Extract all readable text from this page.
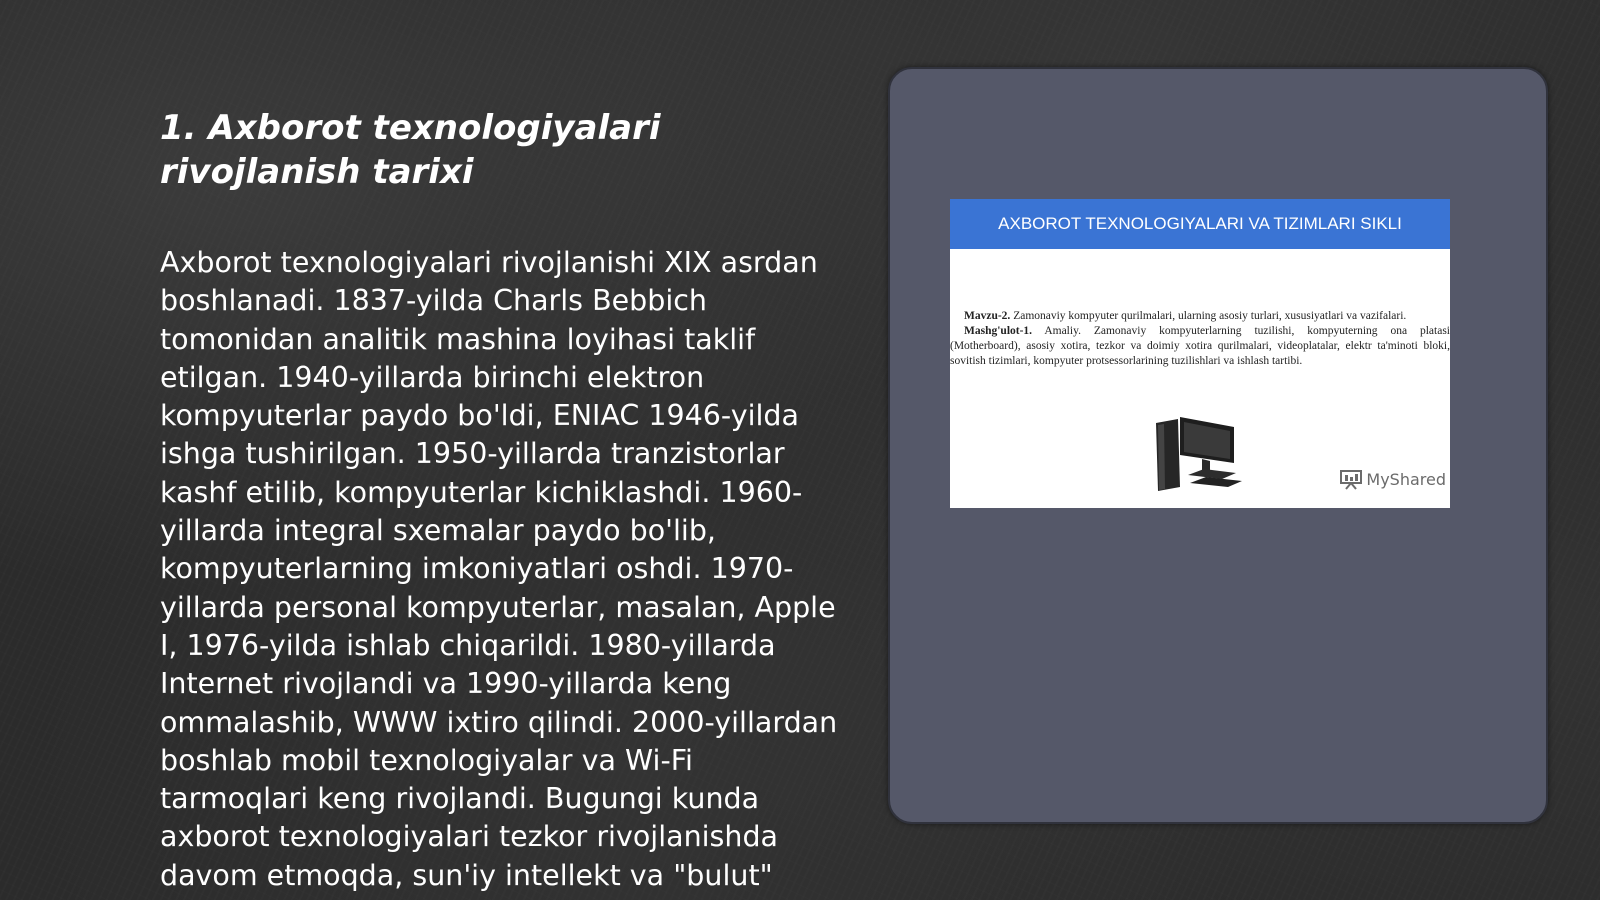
1. Axborot texnologiyalari rivojlanish tarixi

Axborot texnologiyalari rivojlanishi XIX asrdan boshlanadi. 1837-yilda Charls Bebbich tomonidan analitik mashina loyihasi taklif etilgan. 1940-yillarda birinchi elektron kompyuterlar paydo bo'ldi, ENIAC 1946-yilda ishga tushirilgan. 1950-yillarda tranzistorlar kashf etilib, kompyuterlar kichiklashdi. 1960-yillarda integral sxemalar paydo bo'lib, kompyuterlarning imkoniyatlari oshdi. 1970-yillarda personal kompyuterlar, masalan, Apple I, 1976-yilda ishlab chiqarildi. 1980-yillarda Internet rivojlandi va 1990-yillarda keng ommalashib, WWW ixtiro qilindi. 2000-yillardan boshlab mobil texnologiyalar va Wi-Fi tarmoqlari keng rivojlandi. Bugungi kunda axborot texnologiyalari tezkor rivojlanishda davom etmoqda, sun'iy intellekt va "bulut"

AXBOROT TEXNOLOGIYALARI VA TIZIMLARI SIKLI

Mavzu-2. Zamonaviy kompyuter qurilmalari, ularning asosiy turlari, xususiyatlari va vazifalari.

Mashg'ulot-1. Amaliy. Zamonaviy kompyuterlarning tuzilishi, kompyuterning ona platasi (Motherboard), asosiy xotira, tezkor va doimiy xotira qurilmalari, videoplatalar, elektr ta'minoti bloki, sovitish tizimlari, kompyuter protsessorlarining tuzilishlari va ishlash tartibi.

MyShared
